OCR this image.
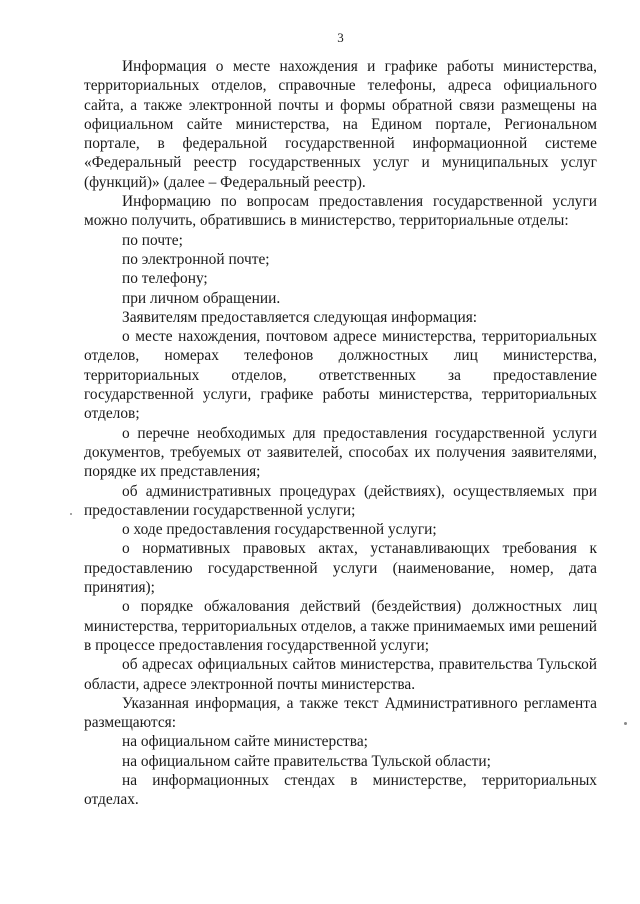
3

Информация о месте нахождения и графике работы министерства, территориальных отделов, справочные телефоны, адреса официального сайта, а также электронной почты и формы обратной связи размещены на официальном сайте министерства, на Едином портале, Региональном портале, в федеральной государственной информационной системе «Федеральный реестр государственных услуг и муниципальных услуг (функций)» (далее – Федеральный реестр).

Информацию по вопросам предоставления государственной услуги можно получить, обратившись в министерство, территориальные отделы:

по почте;

по электронной почте;

по телефону;

при личном обращении.

Заявителям предоставляется следующая информация:

о месте нахождения, почтовом адресе министерства, территориальных отделов, номерах телефонов должностных лиц министерства, территориальных отделов, ответственных за предоставление государственной услуги, графике работы министерства, территориальных отделов;

о перечне необходимых для предоставления государственной услуги документов, требуемых от заявителей, способах их получения заявителями, порядке их представления;

об административных процедурах (действиях), осуществляемых при предоставлении государственной услуги;

о ходе предоставления государственной услуги;

о нормативных правовых актах, устанавливающих требования к предоставлению государственной услуги (наименование, номер, дата принятия);

о порядке обжалования действий (бездействия) должностных лиц министерства, территориальных отделов, а также принимаемых ими решений в процессе предоставления государственной услуги;

об адресах официальных сайтов министерства, правительства Тульской области, адресе электронной почты министерства.

Указанная информация, а также текст Административного регламента размещаются:

на официальном сайте министерства;

на официальном сайте правительства Тульской области;

на информационных стендах в министерстве, территориальных отделах.
